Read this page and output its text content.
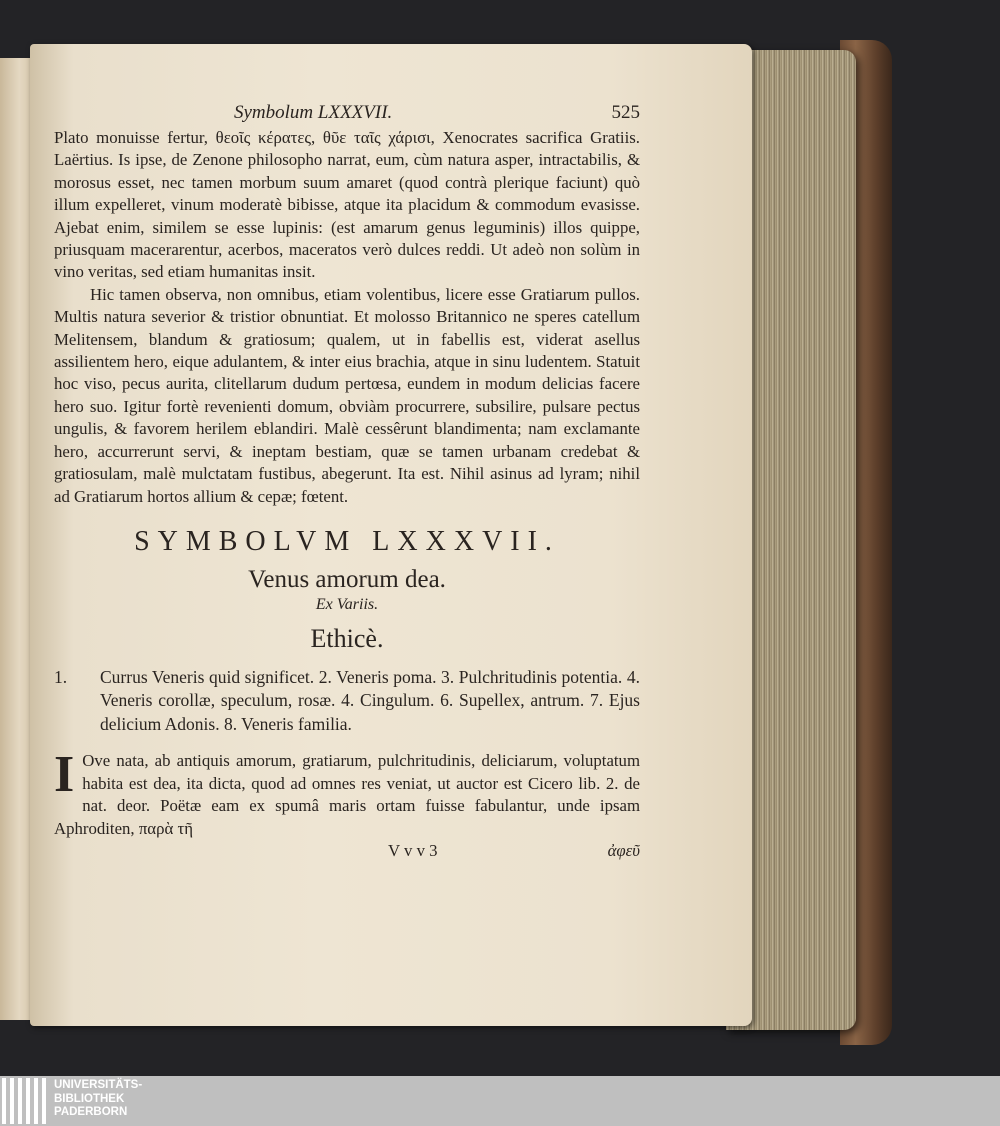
Symbolum LXXXVII.	525

Plato monuisse fertur, θεοῖς κέρατες, θῦε ταῖς χάρισι, Xenocrates sacrifica Gratiis. Laërtius. Is ipse, de Zenone philosopho narrat, eum, cùm natura asper, intractabilis, & morosus esset, nec tamen morbum suum amaret (quod contrà plerique faciunt) quò illum expelleret, vinum moderatè bibisse, atque ita placidum & commodum evasisse. Ajebat enim, similem se esse lupinis: (est amarum genus leguminis) illos quippe, priusquam macerarentur, acerbos, maceratos verò dulces reddi. Ut adeò non solùm in vino veritas, sed etiam humanitas insit.

Hic tamen observa, non omnibus, etiam volentibus, licere esse Gratiarum pullos. Multis natura severior & tristior obnuntiat. Et molosso Britannico ne speres catellum Melitensem, blandum & gratiosum; qualem, ut in fabellis est, viderat asellus assilientem hero, eique adulantem, & inter eius brachia, atque in sinu ludentem. Statuit hoc viso, pecus aurita, clitellarum dudum pertœsa, eundem in modum delicias facere hero suo. Igitur fortè revenienti domum, obviàm procurrere, subsilire, pulsare pectus ungulis, & favorem herilem eblandiri. Malè cessêrunt blandimenta; nam exclamante hero, accurrerunt servi, & ineptam bestiam, quæ se tamen urbanam credebat & gratiosulam, malè mulctatam fustibus, abegerunt. Ita est. Nihil asinus ad lyram; nihil ad Gratiarum hortos allium & cepæ; fœtent.

SYMBOLVM LXXXVII.
Venus amorum dea.
Ex Variis.
Ethicè.

1. Currus Veneris quid significet. 2. Veneris poma. 3. Pulchritudinis potentia. 4. Veneris corollæ, speculum, rosæ. 4. Cingulum. 6. Supellex, antrum. 7. Ejus delicium Adonis. 8. Veneris familia.

I Ove nata, ab antiquis amorum, gratiarum, pulchritudinis, deliciarum, voluptatum habita est dea, ita dicta, quod ad omnes res veniat, ut auctor est Cicero lib. 2. de nat. deor. Poëtæ eam ex spumâ maris ortam fuisse fabulantur, unde ipsam Aphroditen, παρὰ τῆ

V v v 3	ἀφεῦ
UNIVERSITÄTS-
BIBLIOTHEK
PADERBORN
